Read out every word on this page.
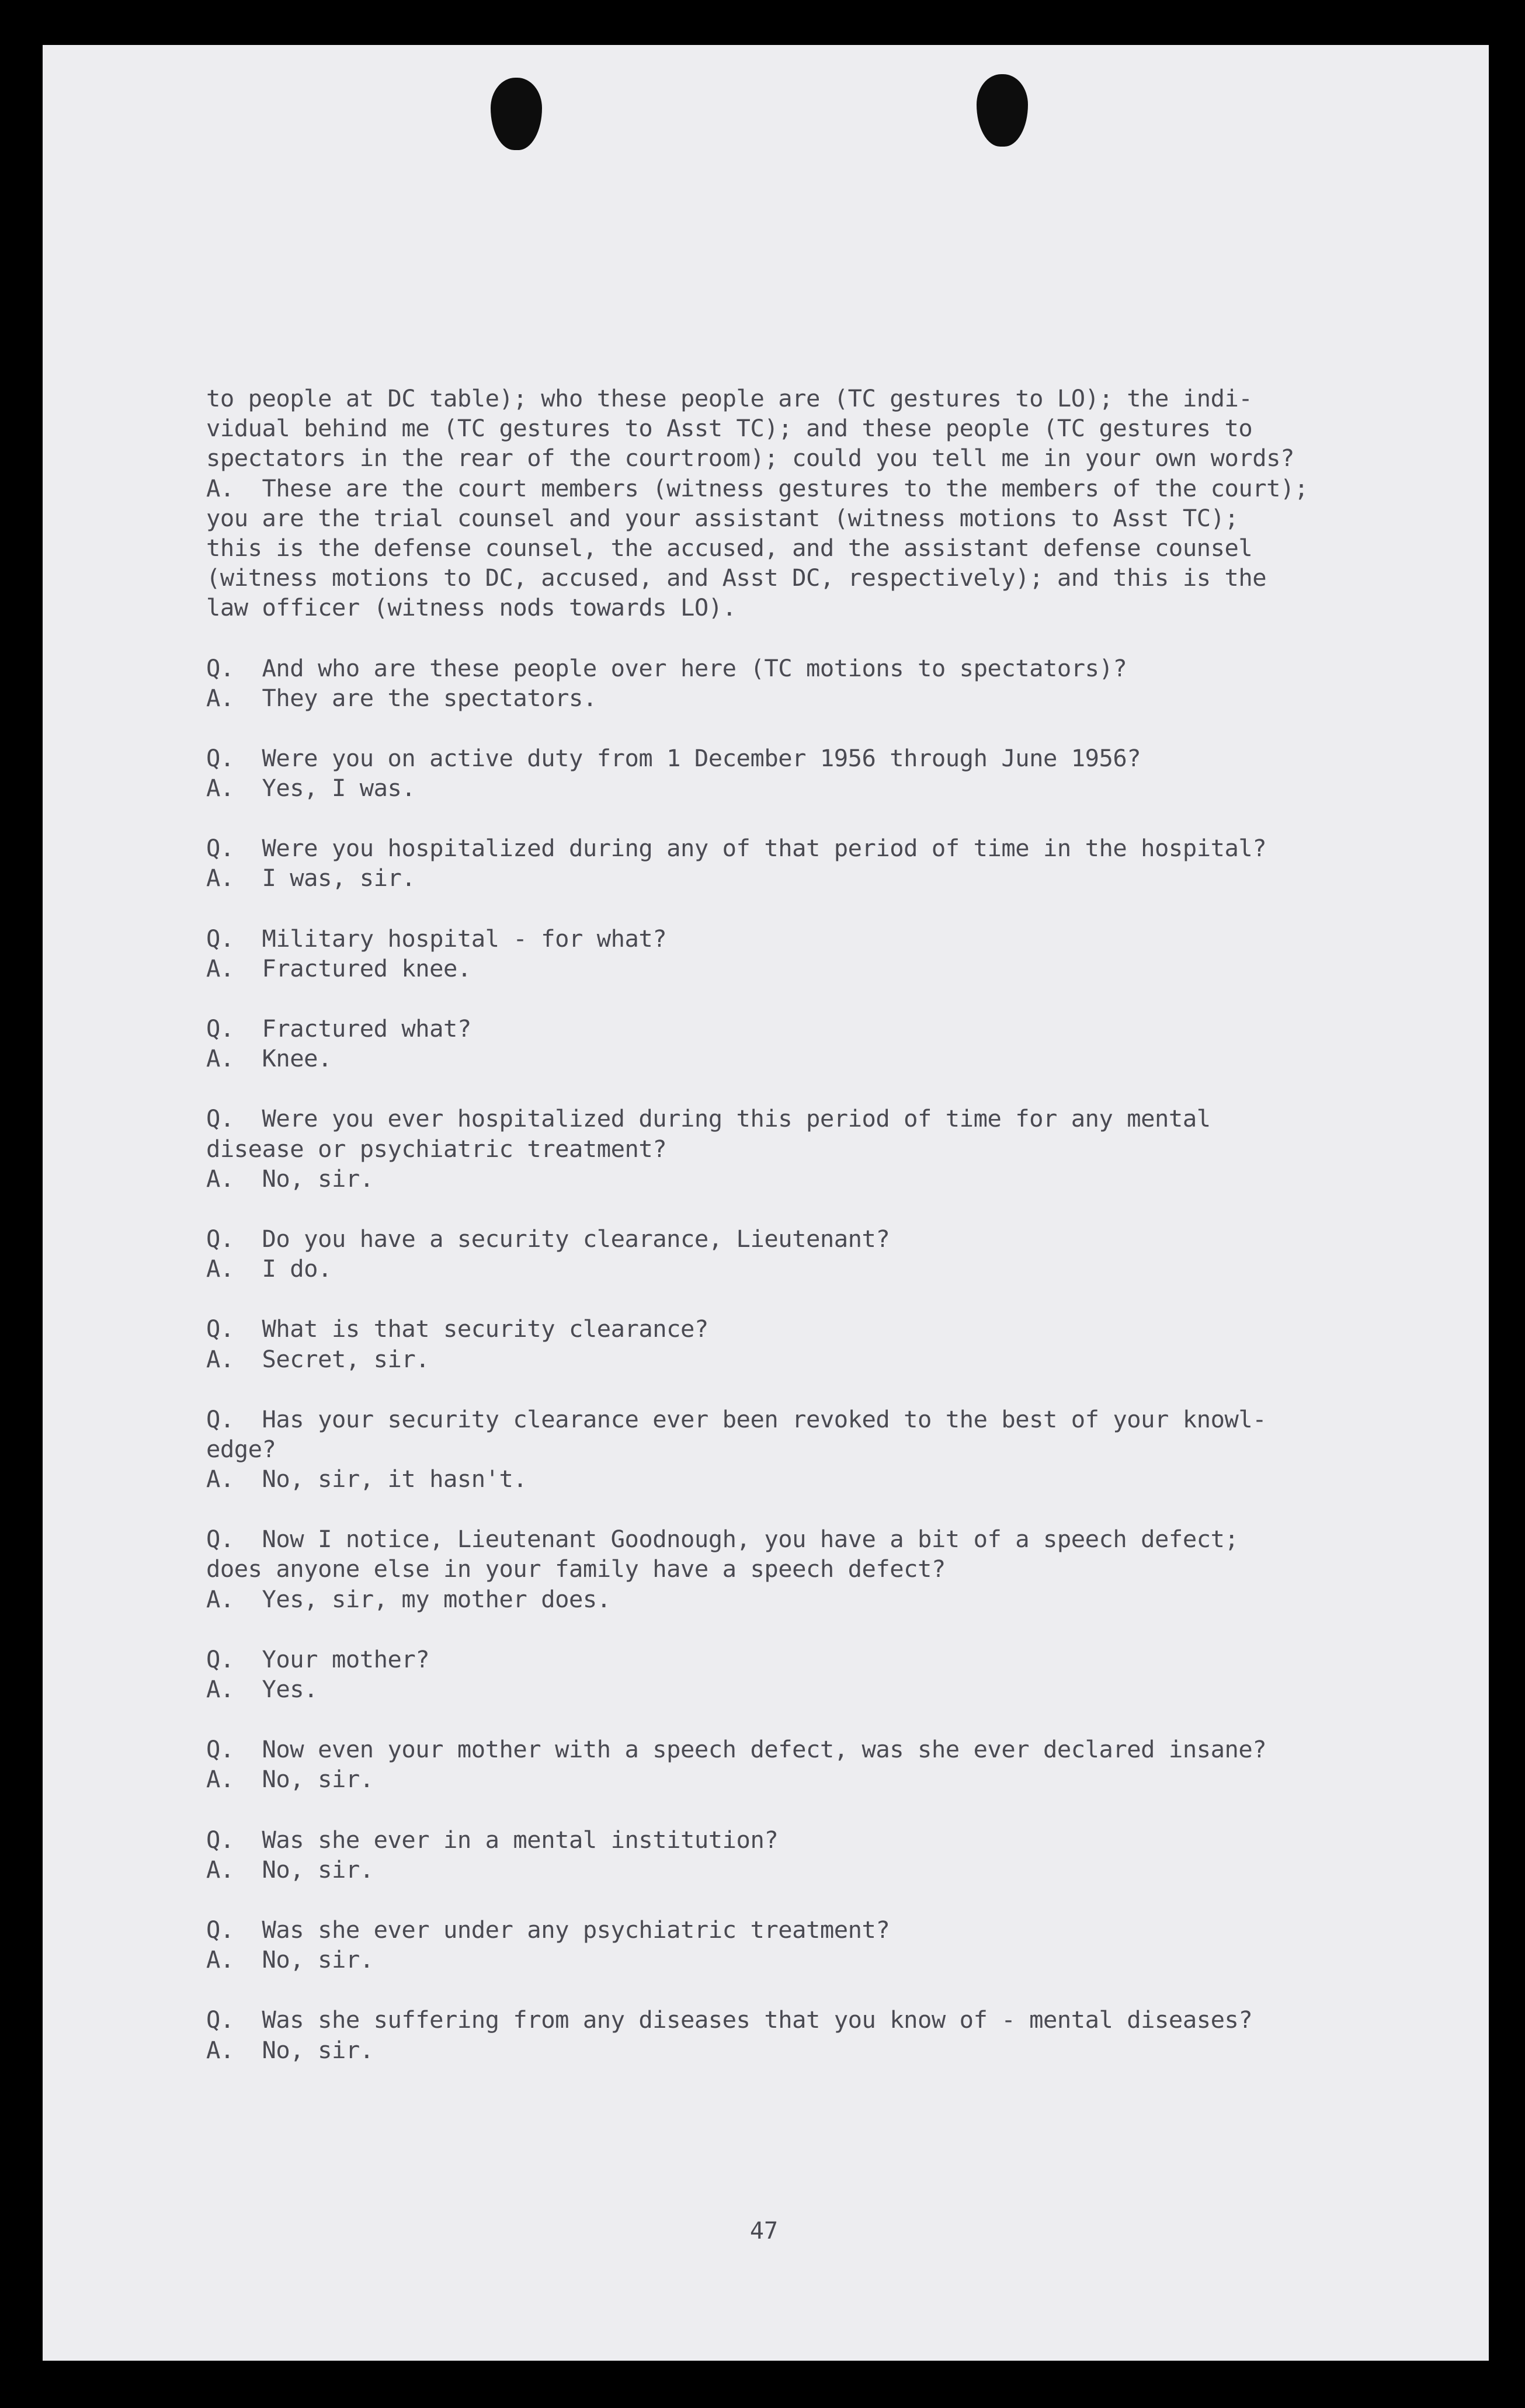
to people at DC table); who these people are (TC gestures to LO); the indi-
vidual behind me (TC gestures to Asst TC); and these people (TC gestures to
spectators in the rear of the courtroom); could you tell me in your own words?
A.  These are the court members (witness gestures to the members of the court);
you are the trial counsel and your assistant (witness motions to Asst TC);
this is the defense counsel, the accused, and the assistant defense counsel
(witness motions to DC, accused, and Asst DC, respectively); and this is the
law officer (witness nods towards LO).
Q.  And who are these people over here (TC motions to spectators)?
A.  They are the spectators.
Q.  Were you on active duty from 1 December 1956 through June 1956?
A.  Yes, I was.
Q.  Were you hospitalized during any of that period of time in the hospital?
A.  I was, sir.
Q.  Military hospital - for what?
A.  Fractured knee.
Q.  Fractured what?
A.  Knee.
Q.  Were you ever hospitalized during this period of time for any mental
disease or psychiatric treatment?
A.  No, sir.
Q.  Do you have a security clearance, Lieutenant?
A.  I do.
Q.  What is that security clearance?
A.  Secret, sir.
Q.  Has your security clearance ever been revoked to the best of your knowl-
edge?
A.  No, sir, it hasn't.
Q.  Now I notice, Lieutenant Goodnough, you have a bit of a speech defect;
does anyone else in your family have a speech defect?
A.  Yes, sir, my mother does.
Q.  Your mother?
A.  Yes.
Q.  Now even your mother with a speech defect, was she ever declared insane?
A.  No, sir.
Q.  Was she ever in a mental institution?
A.  No, sir.
Q.  Was she ever under any psychiatric treatment?
A.  No, sir.
Q.  Was she suffering from any diseases that you know of - mental diseases?
A.  No, sir.
47
